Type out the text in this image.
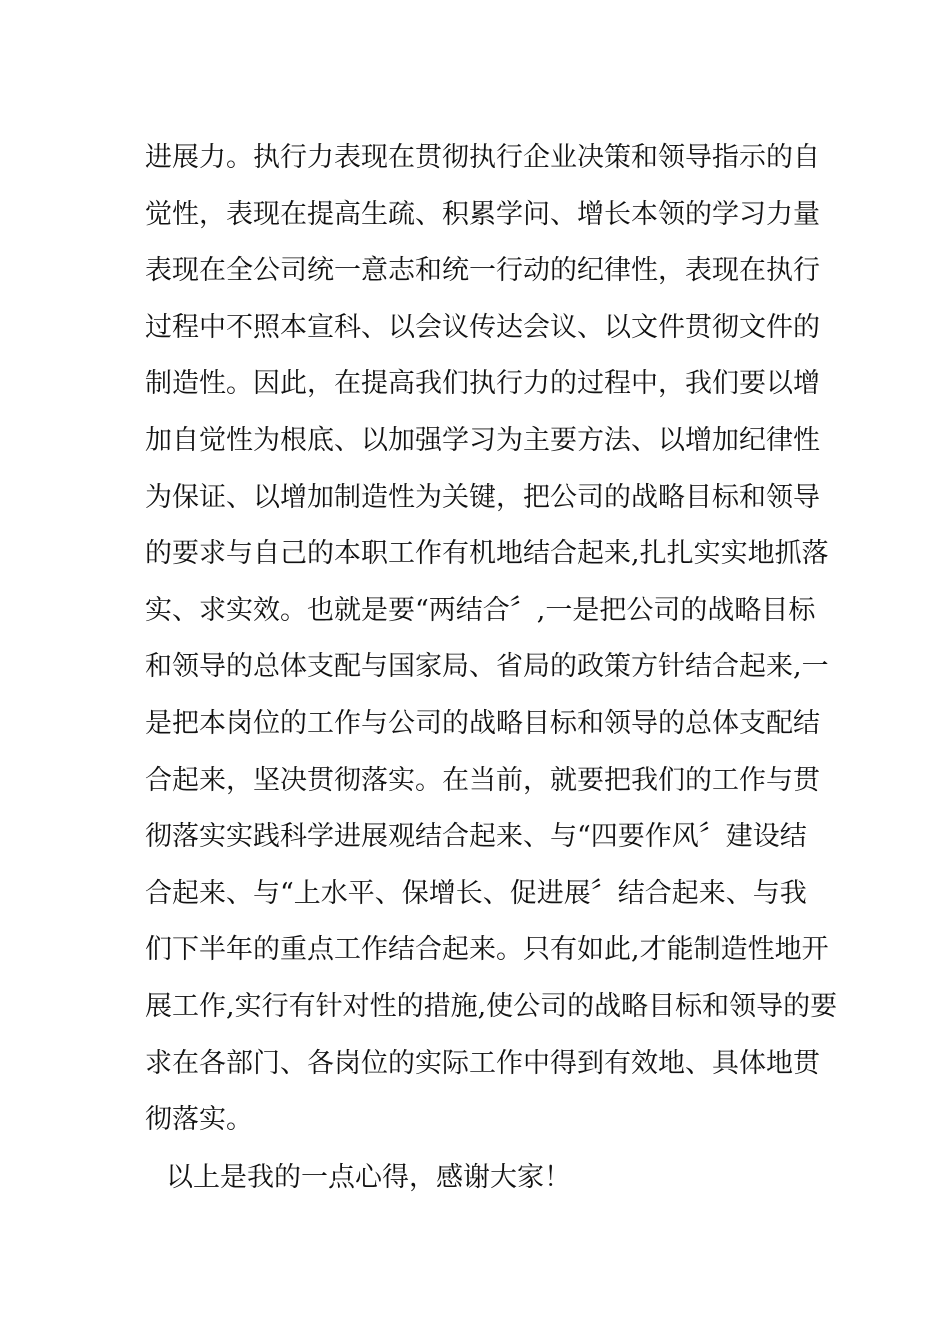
进展力。执行力表现在贯彻执行企业决策和领导指示的自
觉性，表现在提高生疏、积累学问、增长本领的学习力量
表现在全公司统一意志和统一行动的纪律性，表现在执行
过程中不照本宣科、以会议传达会议、以文件贯彻文件的
制造性。因此，在提高我们执行力的过程中，我们要以增
加自觉性为根底、以加强学习为主要方法、以增加纪律性
为保证、以增加制造性为关键，把公司的战略目标和领导
的要求与自己的本职工作有机地结合起来,扎扎实实地抓落
实、求实效。也就是要“两结合〞,一是把公司的战略目标
和领导的总体支配与国家局、省局的政策方针结合起来,一
是把本岗位的工作与公司的战略目标和领导的总体支配结
合起来，坚决贯彻落实。在当前，就要把我们的工作与贯
彻落实实践科学进展观结合起来、与“四要作风〞建设结
合起来、与“上水平、保增长、促进展〞结合起来、与我
们下半年的重点工作结合起来。只有如此,才能制造性地开
展工作,实行有针对性的措施,使公司的战略目标和领导的要
求在各部门、各岗位的实际工作中得到有效地、具体地贯
彻落实。
以上是我的一点心得，感谢大家！
